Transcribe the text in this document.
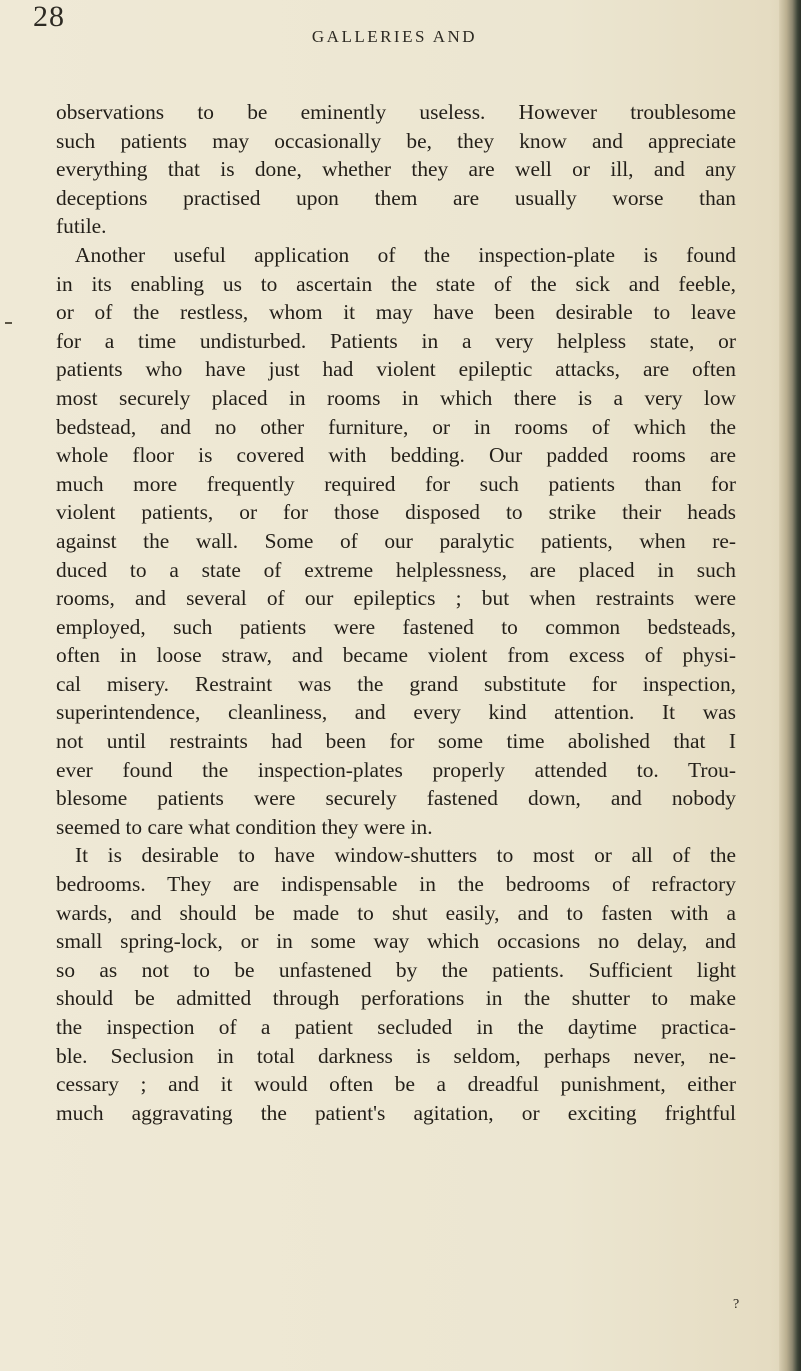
28
GALLERIES AND
observations to be eminently useless. However troublesome
such patients may occasionally be, they know and appreciate
everything that is done, whether they are well or ill, and any
deceptions practised upon them are usually worse than
futile.
Another useful application of the inspection-plate is found
in its enabling us to ascertain the state of the sick and feeble,
or of the restless, whom it may have been desirable to leave
for a time undisturbed. Patients in a very helpless state, or
patients who have just had violent epileptic attacks, are often
most securely placed in rooms in which there is a very low
bedstead, and no other furniture, or in rooms of which the
whole floor is covered with bedding. Our padded rooms are
much more frequently required for such patients than for
violent patients, or for those disposed to strike their heads
against the wall. Some of our paralytic patients, when re-
duced to a state of extreme helplessness, are placed in such
rooms, and several of our epileptics ; but when restraints were
employed, such patients were fastened to common bedsteads,
often in loose straw, and became violent from excess of physi-
cal misery. Restraint was the grand substitute for inspection,
superintendence, cleanliness, and every kind attention. It was
not until restraints had been for some time abolished that I
ever found the inspection-plates properly attended to. Trou-
blesome patients were securely fastened down, and nobody
seemed to care what condition they were in.
It is desirable to have window-shutters to most or all of the
bedrooms. They are indispensable in the bedrooms of refractory
wards, and should be made to shut easily, and to fasten with a
small spring-lock, or in some way which occasions no delay, and
so as not to be unfastened by the patients. Sufficient light
should be admitted through perforations in the shutter to make
the inspection of a patient secluded in the daytime practica-
ble. Seclusion in total darkness is seldom, perhaps never, ne-
cessary ; and it would often be a dreadful punishment, either
much aggravating the patient's agitation, or exciting frightful
?
